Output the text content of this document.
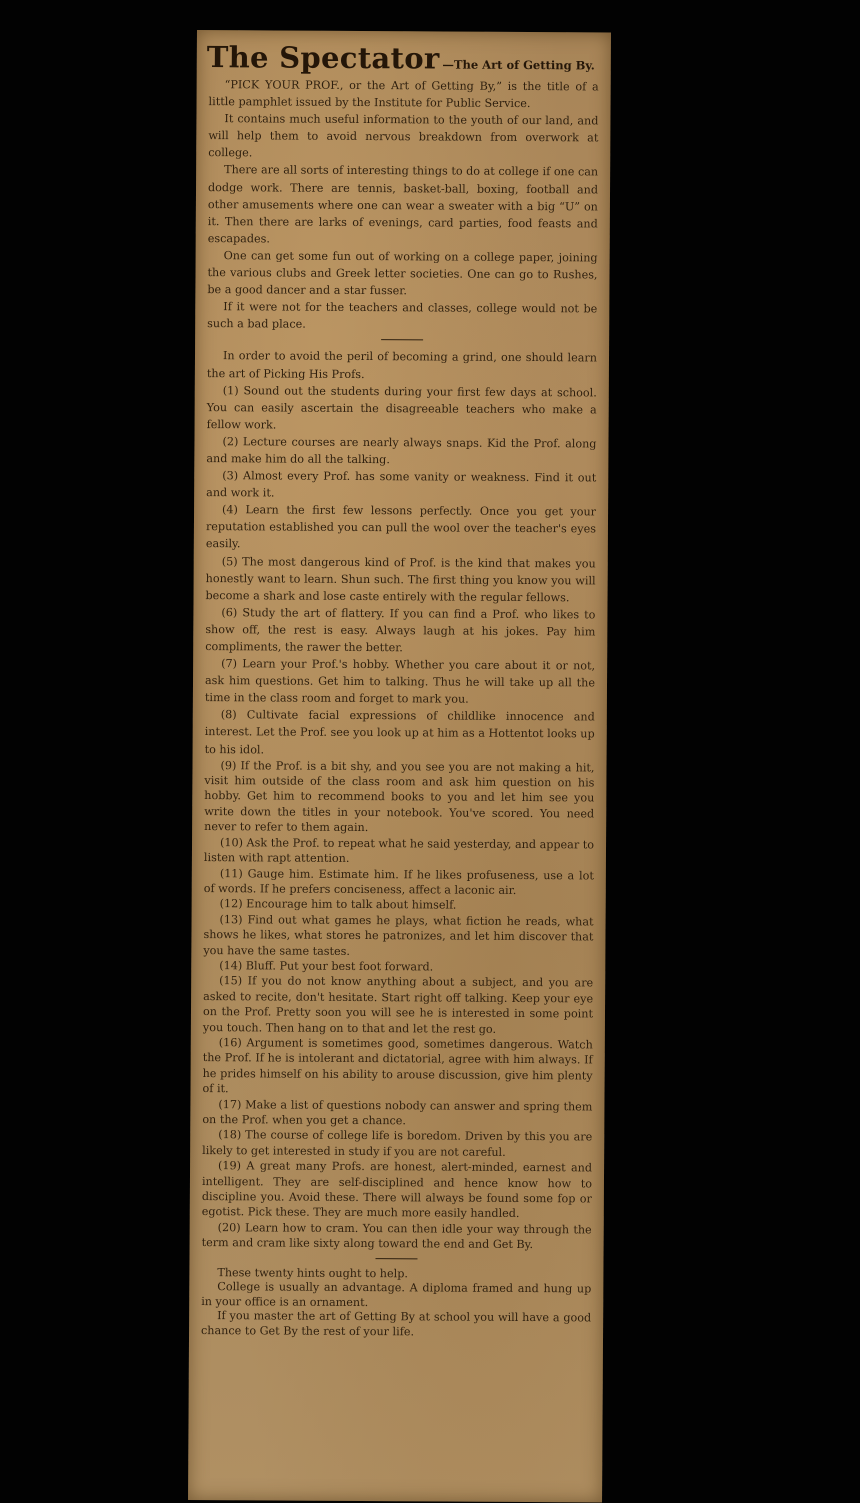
The Spectator —The Art of Getting By.

“PICK YOUR PROF., or the Art of Getting By,” is the title of a little pamphlet issued by the Institute for Public Service.

It contains much useful information to the youth of our land, and will help them to avoid nervous breakdown from overwork at college.

There are all sorts of interesting things to do at college if one can dodge work. There are tennis, basket-ball, boxing, football and other amusements where one can wear a sweater with a big “U” on it. Then there are larks of evenings, card parties, food feasts and escapades.

One can get some fun out of working on a college paper, joining the various clubs and Greek letter societies. One can go to Rushes, be a good dancer and a star fusser.

If it were not for the teachers and classes, college would not be such a bad place.

In order to avoid the peril of becoming a grind, one should learn the art of Picking His Profs.

(1) Sound out the students during your first few days at school. You can easily ascertain the disagreeable teachers who make a fellow work.

(2) Lecture courses are nearly always snaps. Kid the Prof. along and make him do all the talking.

(3) Almost every Prof. has some vanity or weakness. Find it out and work it.

(4) Learn the first few lessons perfectly. Once you get your reputation established you can pull the wool over the teacher's eyes easily.

(5) The most dangerous kind of Prof. is the kind that makes you honestly want to learn. Shun such. The first thing you know you will become a shark and lose caste entirely with the regular fellows.

(6) Study the art of flattery. If you can find a Prof. who likes to show off, the rest is easy. Always laugh at his jokes. Pay him compliments, the rawer the better.

(7) Learn your Prof.'s hobby. Whether you care about it or not, ask him questions. Get him to talking. Thus he will take up all the time in the class room and forget to mark you.

(8) Cultivate facial expressions of childlike innocence and interest. Let the Prof. see you look up at him as a Hottentot looks up to his idol.

(9) If the Prof. is a bit shy, and you see you are not making a hit, visit him outside of the class room and ask him question on his hobby. Get him to recommend books to you and let him see you write down the titles in your notebook. You've scored. You need never to refer to them again.

(10) Ask the Prof. to repeat what he said yesterday, and appear to listen with rapt attention.

(11) Gauge him. Estimate him. If he likes profuseness, use a lot of words. If he prefers conciseness, affect a laconic air.

(12) Encourage him to talk about himself.

(13) Find out what games he plays, what fiction he reads, what shows he likes, what stores he patronizes, and let him discover that you have the same tastes.

(14) Bluff. Put your best foot forward.

(15) If you do not know anything about a subject, and you are asked to recite, don't hesitate. Start right off talking. Keep your eye on the Prof. Pretty soon you will see he is interested in some point you touch. Then hang on to that and let the rest go.

(16) Argument is sometimes good, sometimes dangerous. Watch the Prof. If he is intolerant and dictatorial, agree with him always. If he prides himself on his ability to arouse discussion, give him plenty of it.

(17) Make a list of questions nobody can answer and spring them on the Prof. when you get a chance.

(18) The course of college life is boredom. Driven by this you are likely to get interested in study if you are not careful.

(19) A great many Profs. are honest, alert-minded, earnest and intelligent. They are self-disciplined and hence know how to discipline you. Avoid these. There will always be found some fop or egotist. Pick these. They are much more easily handled.

(20) Learn how to cram. You can then idle your way through the term and cram like sixty along toward the end and Get By.

These twenty hints ought to help.

College is usually an advantage. A diploma framed and hung up in your office is an ornament.

If you master the art of Getting By at school you will have a good chance to Get By the rest of your life.
